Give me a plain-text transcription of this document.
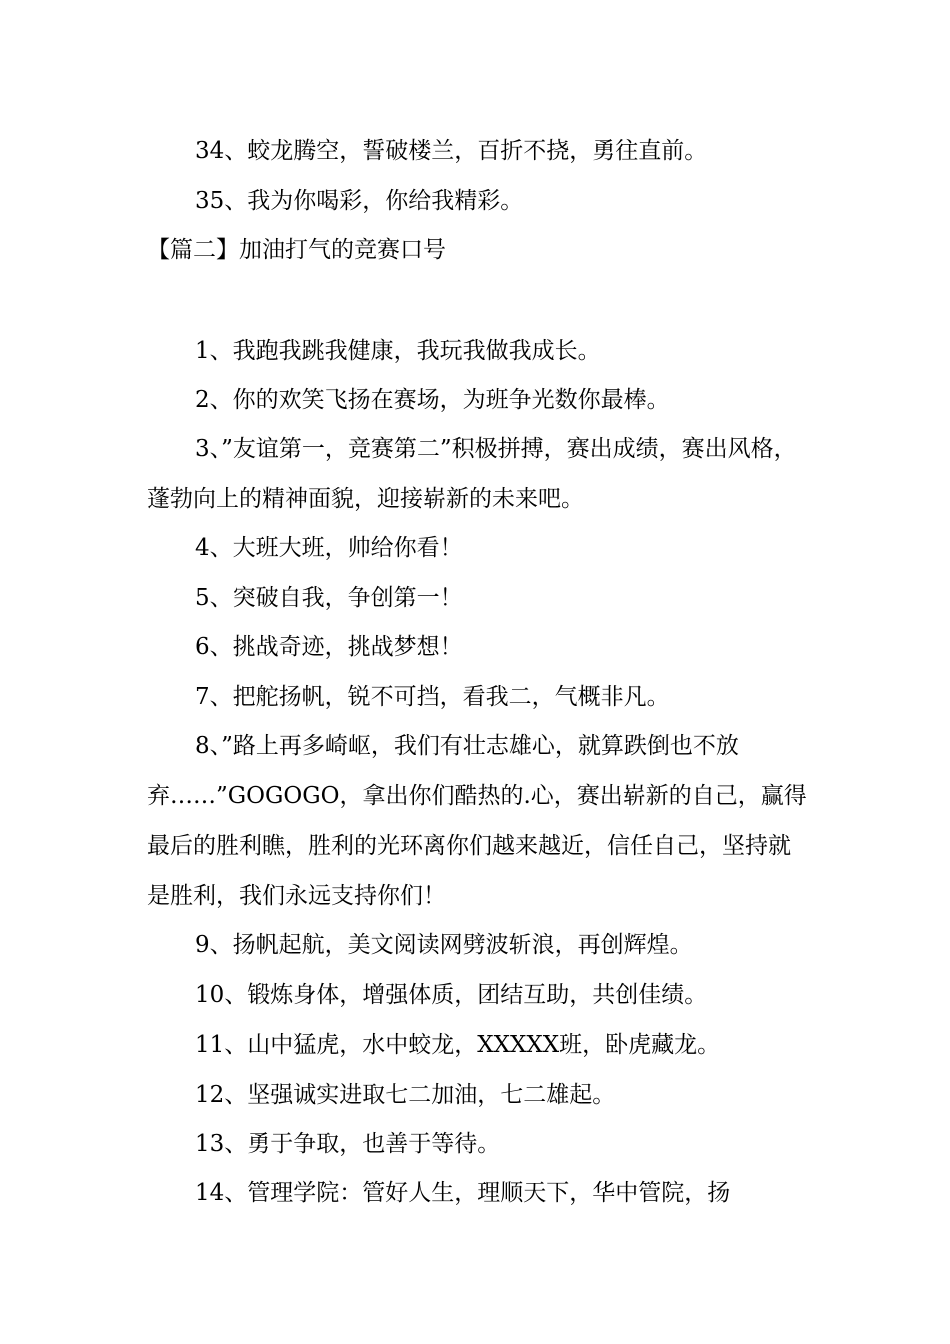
34、蛟龙腾空，誓破楼兰，百折不挠，勇往直前。

35、我为你喝彩，你给我精彩。

【篇二】加油打气的竞赛口号

1、我跑我跳我健康，我玩我做我成长。

2、你的欢笑飞扬在赛场，为班争光数你最棒。

3、”友谊第一，竞赛第二”积极拼搏，赛出成绩，赛出风格，蓬勃向上的精神面貌，迎接崭新的未来吧。

4、大班大班，帅给你看！

5、突破自我，争创第一！

6、挑战奇迹，挑战梦想！

7、把舵扬帆，锐不可挡，看我二，气概非凡。

8、”路上再多崎岖，我们有壮志雄心，就算跌倒也不放弃……”GOGOGO，拿出你们酷热的.心，赛出崭新的自己，赢得最后的胜利瞧，胜利的光环离你们越来越近，信任自己，坚持就是胜利，我们永远支持你们！

9、扬帆起航，美文阅读网劈波斩浪，再创辉煌。

10、锻炼身体，增强体质，团结互助，共创佳绩。

11、山中猛虎，水中蛟龙，XXXXX班，卧虎藏龙。

12、坚强诚实进取七二加油，七二雄起。

13、勇于争取，也善于等待。

14、管理学院：管好人生，理顺天下，华中管院，扬
